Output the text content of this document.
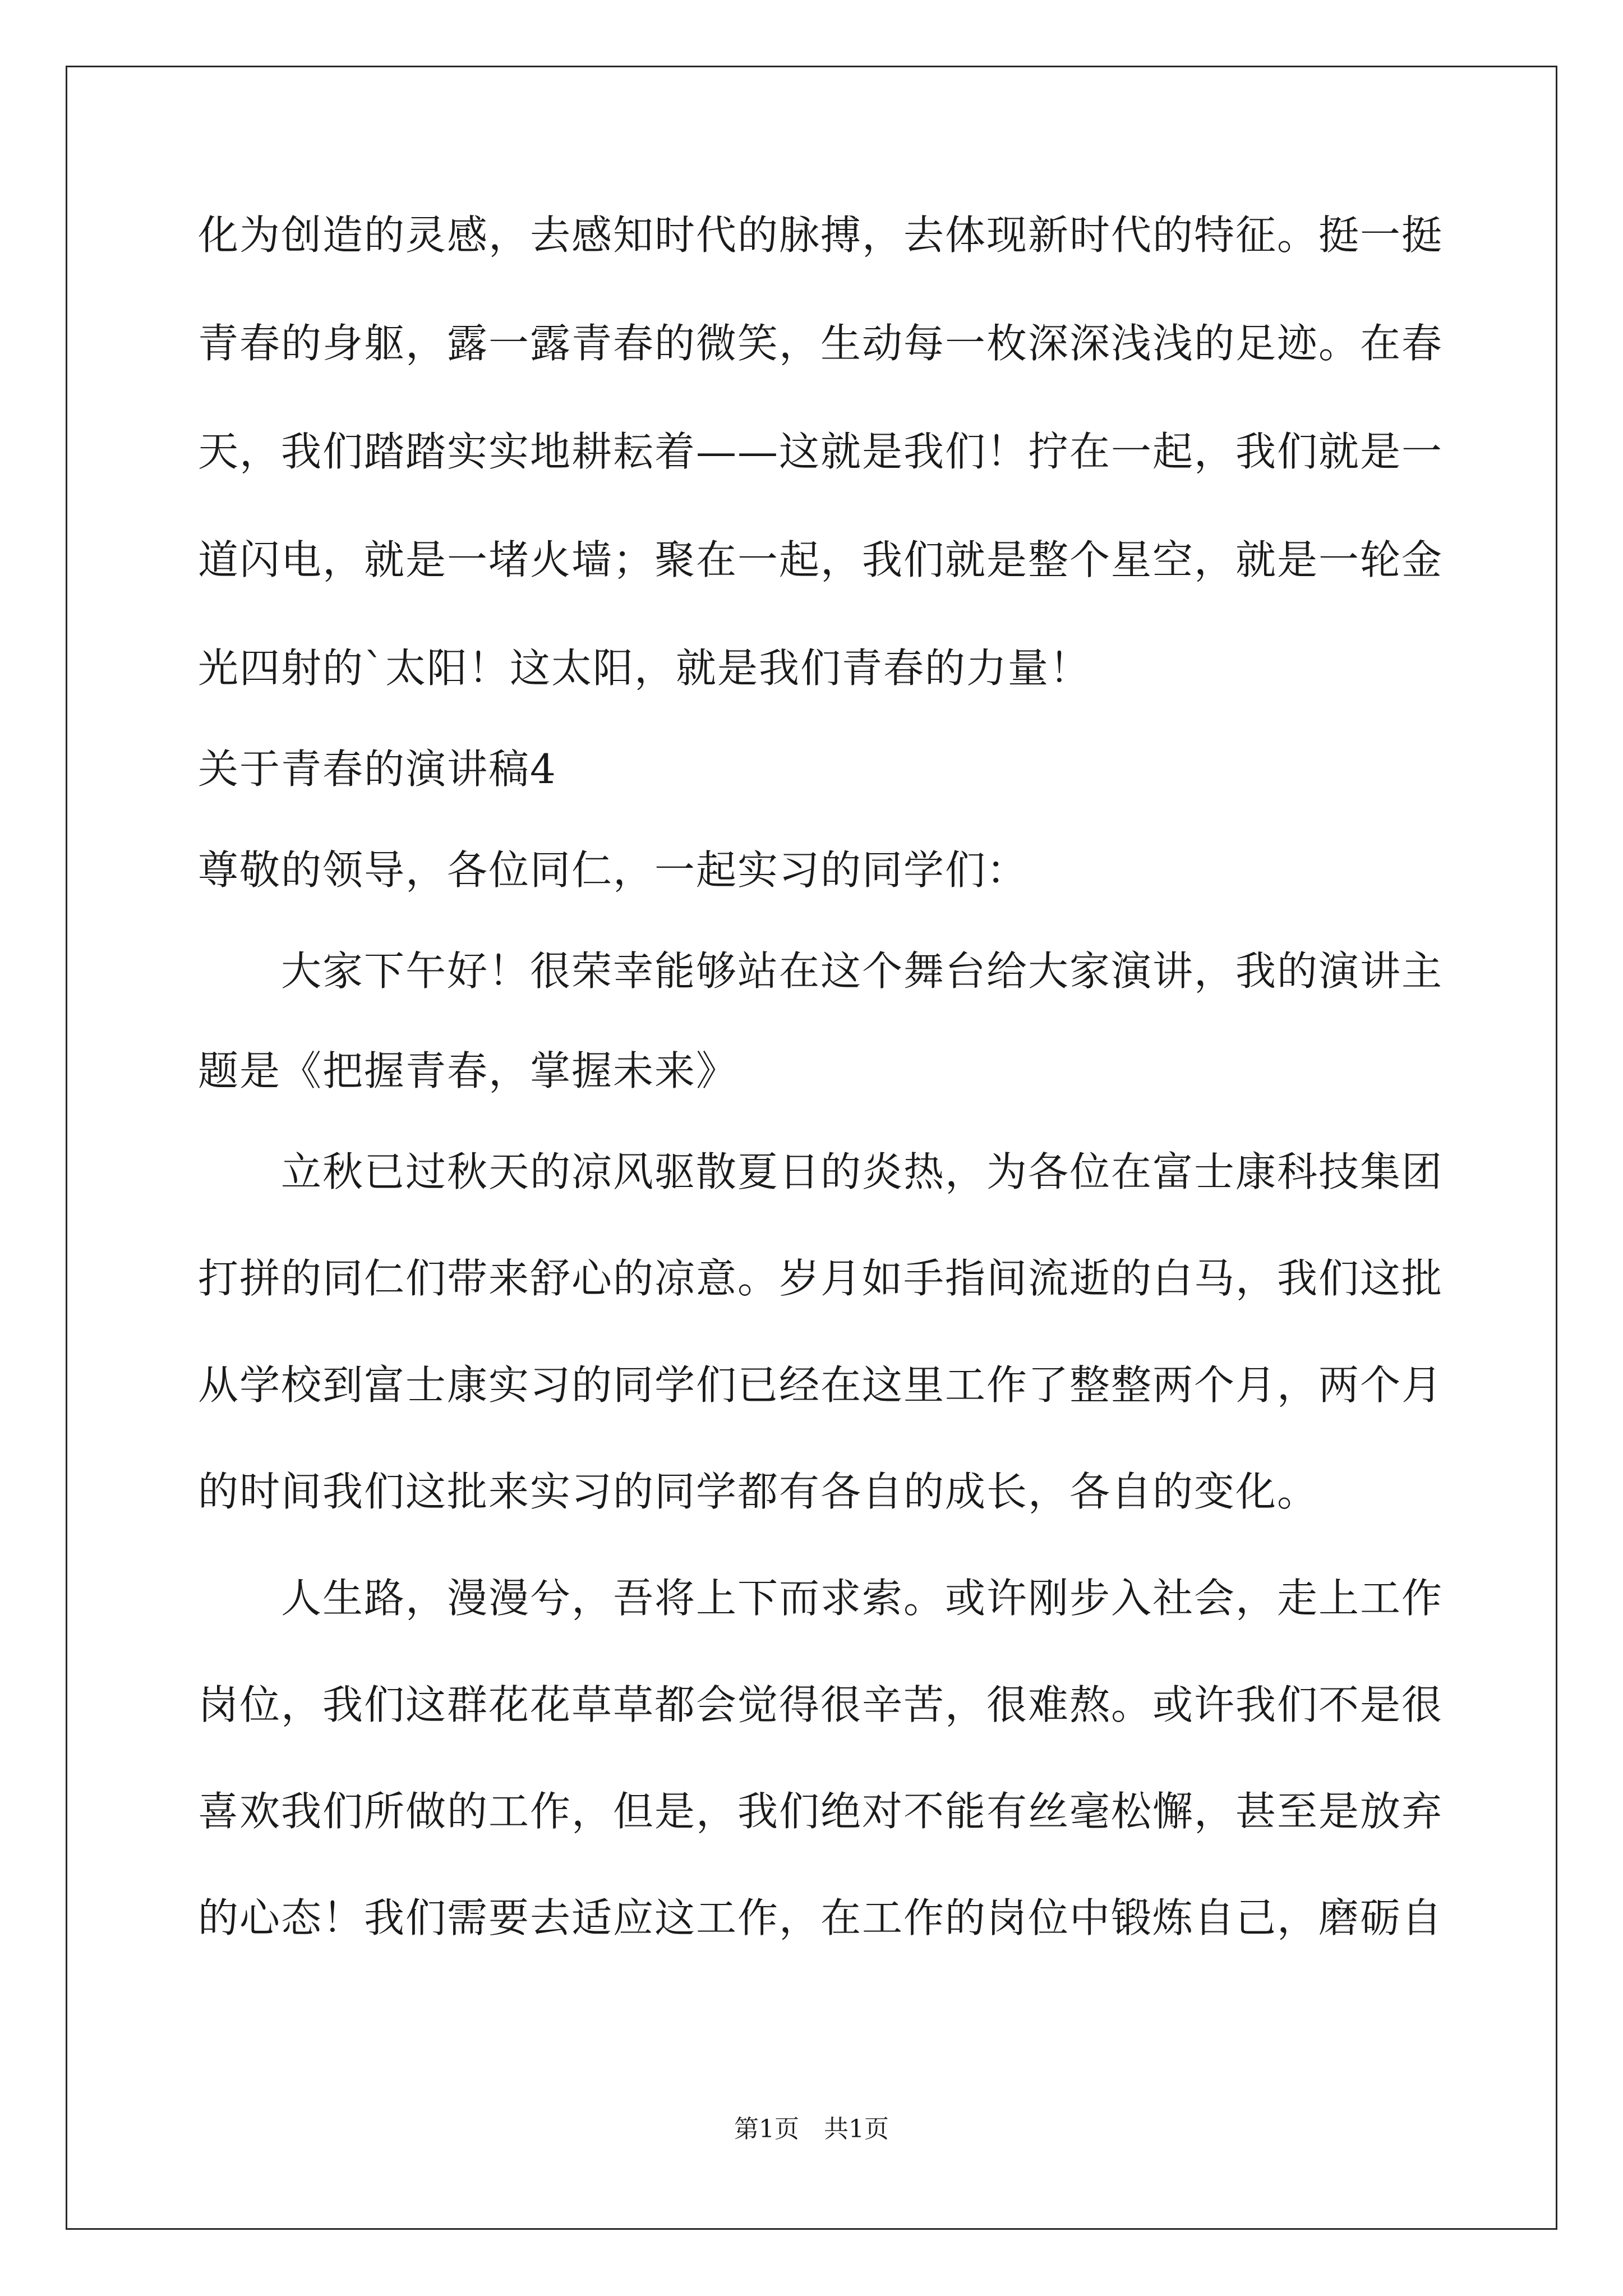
化为创造的灵感，去感知时代的脉搏，去体现新时代的特征。挺一挺
青春的身躯，露一露青春的微笑，生动每一枚深深浅浅的足迹。在春
天，我们踏踏实实地耕耘着——这就是我们！拧在一起，我们就是一
道闪电，就是一堵火墙；聚在一起，我们就是整个星空，就是一轮金
光四射的`太阳！这太阳，就是我们青春的力量！
关于青春的演讲稿4
尊敬的领导，各位同仁，一起实习的同学们：
　　大家下午好！很荣幸能够站在这个舞台给大家演讲，我的演讲主
题是《把握青春，掌握未来》
　　立秋已过秋天的凉风驱散夏日的炎热，为各位在富士康科技集团
打拼的同仁们带来舒心的凉意。岁月如手指间流逝的白马，我们这批
从学校到富士康实习的同学们已经在这里工作了整整两个月，两个月
的时间我们这批来实习的同学都有各自的成长，各自的变化。
　　人生路，漫漫兮，吾将上下而求索。或许刚步入社会，走上工作
岗位，我们这群花花草草都会觉得很辛苦，很难熬。或许我们不是很
喜欢我们所做的工作，但是，我们绝对不能有丝毫松懈，甚至是放弃
的心态！我们需要去适应这工作，在工作的岗位中锻炼自己，磨砺自
第1页　共1页
